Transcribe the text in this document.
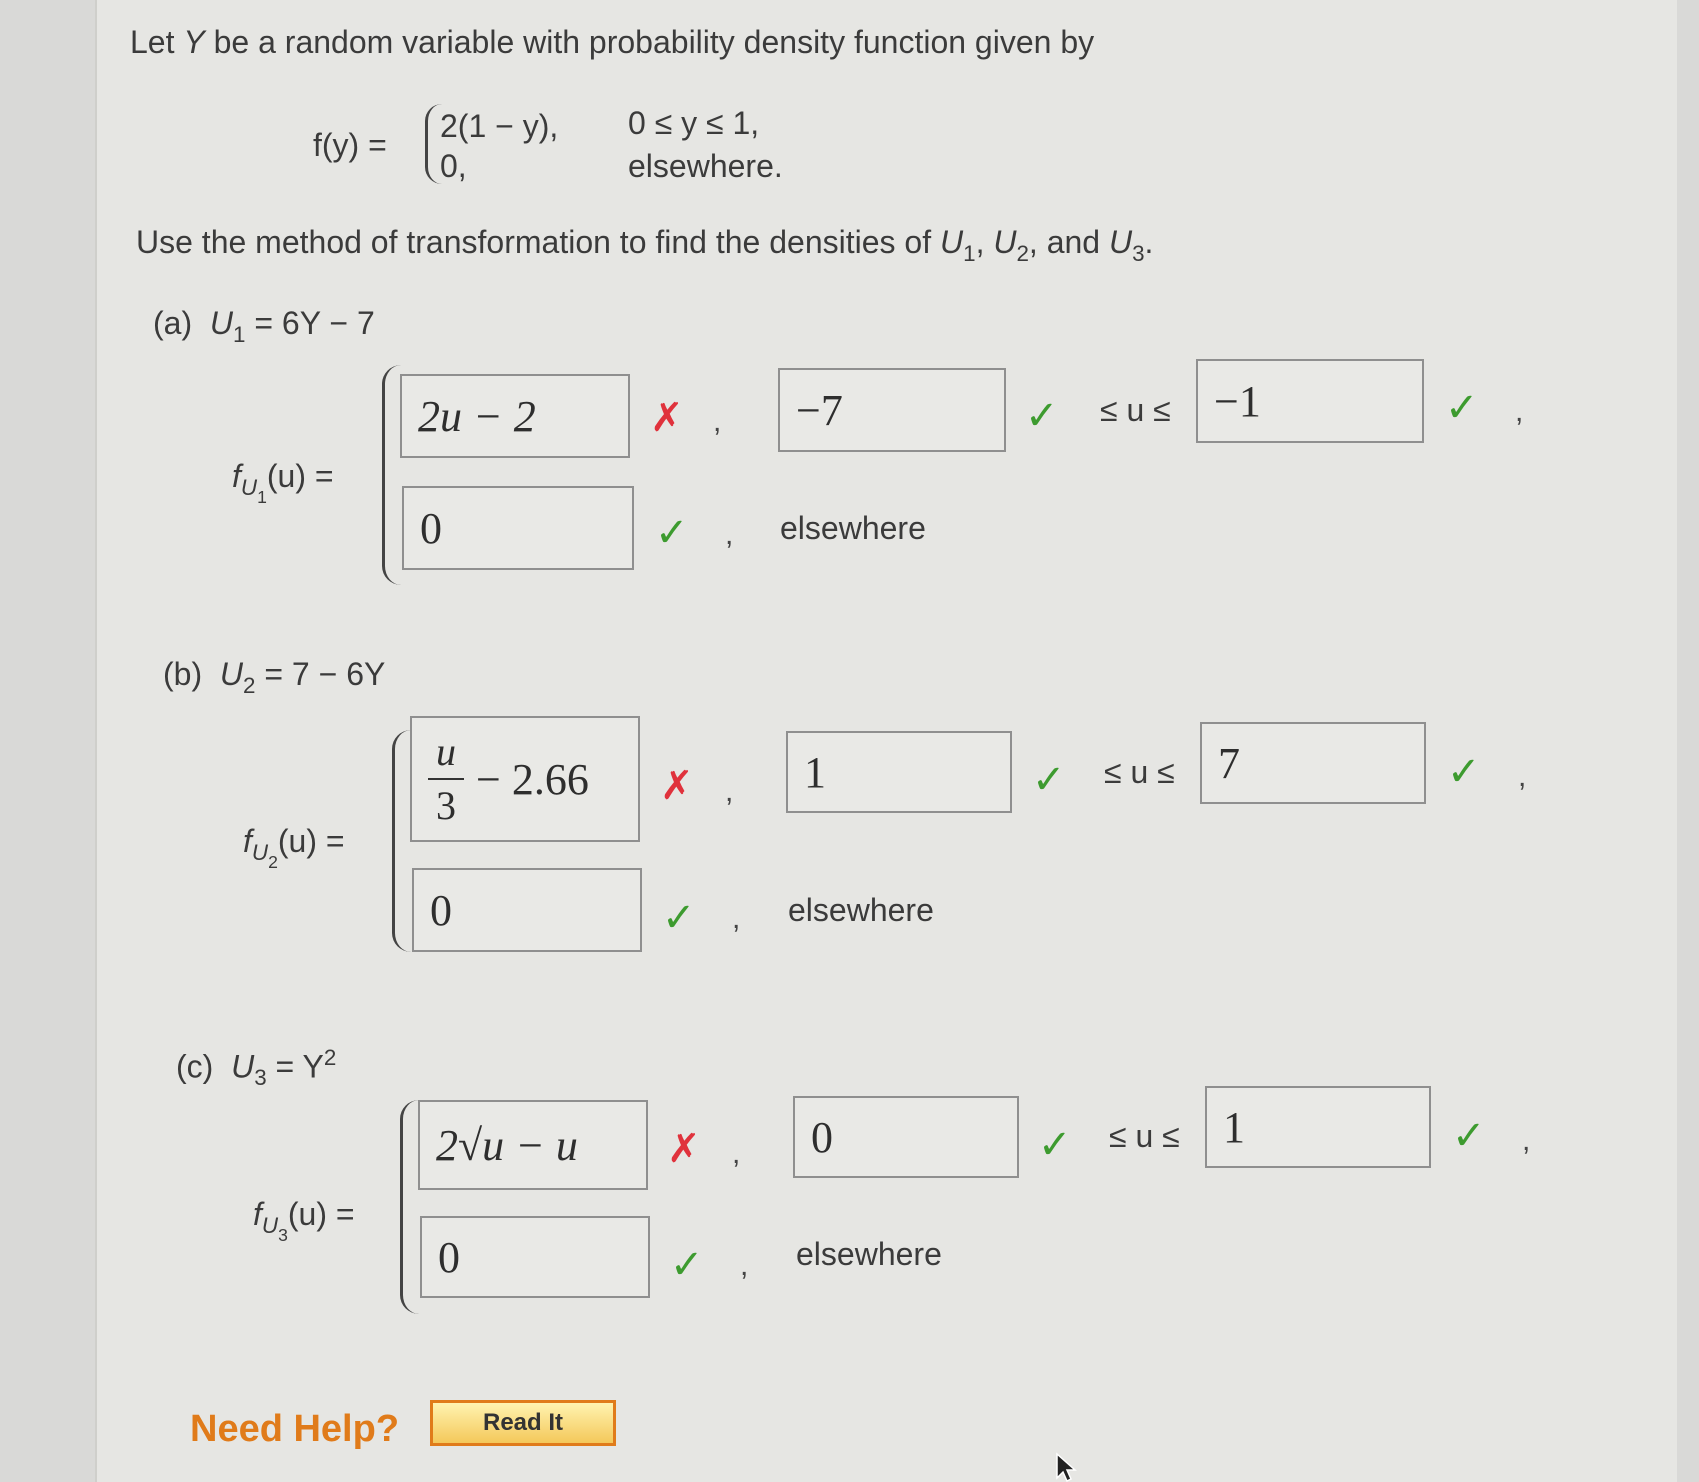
Let Y be a random variable with probability density function given by
f(y) =
2(1 − y), 0 ≤ y ≤ 1,
0,	elsewhere.
Use the method of transformation to find the densities of $U_1$, $U_2$, and $U_3$.
(a) $U_1 = 6Y - 7$
$f_{U1}(u)$ =
2u − 2	✗ , −7	✓ ≤ u ≤ −1	✓ ,
0	✓ , elsewhere
(b) $U_2 = 7 - 6Y$
$f_{U2}(u)$ =
$\frac{u}{3} - 2.66$ ✗ , 1	✓ ≤ u ≤ 7	✓ ,
0	✓ , elsewhere
(c) $U_3 = Y^2$
$f_{U3}(u)$ =
2√u − u ✗ , 0	✓ ≤ u ≤ 1	✓ ,
0	✓ , elsewhere
Need Help?	Read It
